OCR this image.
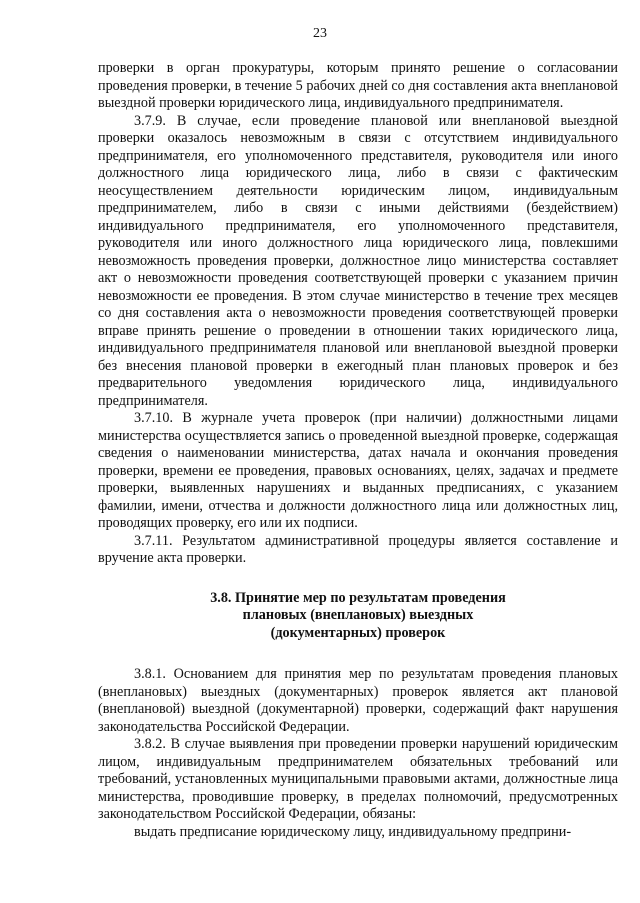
23

проверки в орган прокуратуры, которым принято решение о согласовании проведения проверки, в течение 5 рабочих дней со дня составления акта внеплановой выездной проверки юридического лица, индивидуального предпринимателя.

3.7.9. В случае, если проведение плановой или внеплановой выездной проверки оказалось невозможным в связи с отсутствием индивидуального предпринимателя, его уполномоченного представителя, руководителя или иного должностного лица юридического лица, либо в связи с фактическим неосуществлением деятельности юридическим лицом, индивидуальным предпринимателем, либо в связи с иными действиями (бездействием) индивидуального предпринимателя, его уполномоченного представителя, руководителя или иного должностного лица юридического лица, повлекшими невозможность проведения проверки, должностное лицо министерства составляет акт о невозможности проведения соответствующей проверки с указанием причин невозможности ее проведения. В этом случае министерство в течение трех месяцев со дня составления акта о невозможности проведения соответствующей проверки вправе принять решение о проведении в отношении таких юридического лица, индивидуального предпринимателя плановой или внеплановой выездной проверки без внесения плановой проверки в ежегодный план плановых проверок и без предварительного уведомления юридического лица, индивидуального предпринимателя.

3.7.10. В журнале учета проверок (при наличии) должностными лицами министерства осуществляется запись о проведенной выездной проверке, содержащая сведения о наименовании министерства, датах начала и окончания проведения проверки, времени ее проведения, правовых основаниях, целях, задачах и предмете проверки, выявленных нарушениях и выданных предписаниях, с указанием фамилии, имени, отчества и должности должностного лица или должностных лиц, проводящих проверку, его или их подписи.

3.7.11. Результатом административной процедуры является составление и вручение акта проверки.

3.8. Принятие мер по результатам проведения
плановых (внеплановых) выездных
(документарных) проверок

3.8.1. Основанием для принятия мер по результатам проведения плановых (внеплановых) выездных (документарных) проверок является акт плановой (внеплановой) выездной (документарной) проверки, содержащий факт нарушения законодательства Российской Федерации.

3.8.2. В случае выявления при проведении проверки нарушений юридическим лицом, индивидуальным предпринимателем обязательных требований или требований, установленных муниципальными правовыми актами, должностные лица министерства, проводившие проверку, в пределах полномочий, предусмотренных законодательством Российской Федерации, обязаны:

выдать предписание юридическому лицу, индивидуальному предприни-
